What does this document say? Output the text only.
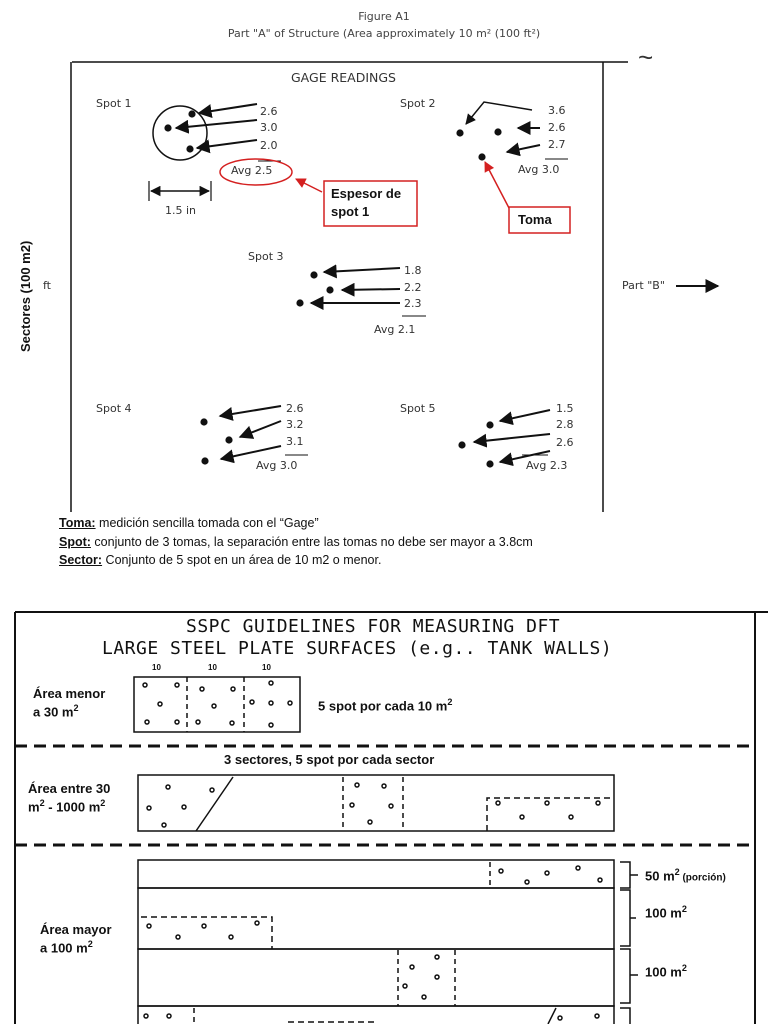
Figure A1
Part "A" of Structure (Area approximately 10 m² (100 ft²)
~
GAGE READINGS
Sectores (100 m2) ft	Part "B"
Spot 1
2.6
3.0
2.0
Avg 2.5
1.5 in
Spot 2
3.6
2.6
2.7
Avg 3.0
Spot 3
1.8
2.2
2.3
Avg 2.1
Spot 4	2.6
3.2
3.1
Avg 3.0
Spot 5	1.5
2.8
2.6
Avg 2.3
Espesor de
spot 1
Toma
Toma: medición sencilla tomada con el “Gage”
Spot: conjunto de 3 tomas, la separación entre las tomas no debe ser mayor a 3.8cm
Sector: Conjunto de 5 spot en un área de 10 m2 o menor.
SSPC GUIDELINES FOR MEASURING DFT
LARGE STEEL PLATE SURFACES (e.g.. TANK WALLS)
10	10	10
Área menor
a 30 $m^2$	5 spot por cada 10 $m^2$
3 sectores, 5 spot por cada sector
Área entre 30
$m^2 - 1000$ $m^2$
Área mayor
a 100 $m^2$
50 $m^2$ (porción)
100 $m^2$
100 $m^2$
